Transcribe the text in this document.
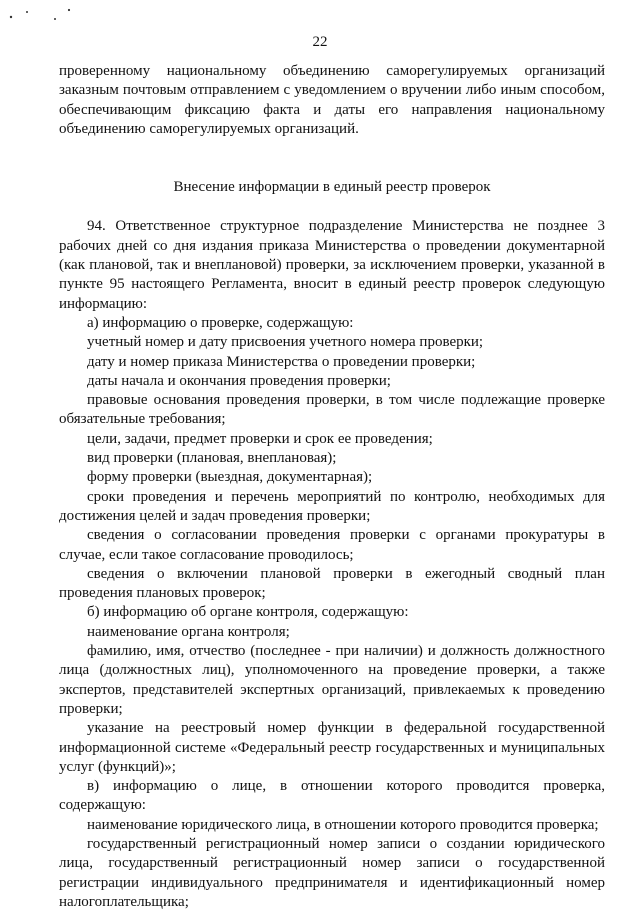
22

проверенному национальному объединению саморегулируемых организаций заказным почтовым отправлением с уведомлением о вручении либо иным способом, обеспечивающим фиксацию факта и даты его направления национальному объединению саморегулируемых организаций.

Внесение информации в единый реестр проверок

94. Ответственное структурное подразделение Министерства не позднее 3 рабочих дней со дня издания приказа Министерства о проведении документарной (как плановой, так и внеплановой) проверки, за исключением проверки, указанной в пункте 95 настоящего Регламента, вносит в единый реестр проверок следующую информацию:

а) информацию о проверке, содержащую:

учетный номер и дату присвоения учетного номера проверки;

дату и номер приказа Министерства о проведении проверки;

даты начала и окончания проведения проверки;

правовые основания проведения проверки, в том числе подлежащие проверке обязательные требования;

цели, задачи, предмет проверки и срок ее проведения;

вид проверки (плановая, внеплановая);

форму проверки (выездная, документарная);

сроки проведения и перечень мероприятий по контролю, необходимых для достижения целей и задач проведения проверки;

сведения о согласовании проведения проверки с органами прокуратуры в случае, если такое согласование проводилось;

сведения о включении плановой проверки в ежегодный сводный план проведения плановых проверок;

б) информацию об органе контроля, содержащую:

наименование органа контроля;

фамилию, имя, отчество (последнее - при наличии) и должность должностного лица (должностных лиц), уполномоченного на проведение проверки, а также экспертов, представителей экспертных организаций, привлекаемых к проведению проверки;

указание на реестровый номер функции в федеральной государственной информационной системе «Федеральный реестр государственных и муниципальных услуг (функций)»;

в) информацию о лице, в отношении которого проводится проверка, содержащую:

наименование юридического лица, в отношении которого проводится проверка;

государственный регистрационный номер записи о создании юридического лица, государственный регистрационный номер записи о государственной регистрации индивидуального предпринимателя и идентификационный номер налогоплательщика;
